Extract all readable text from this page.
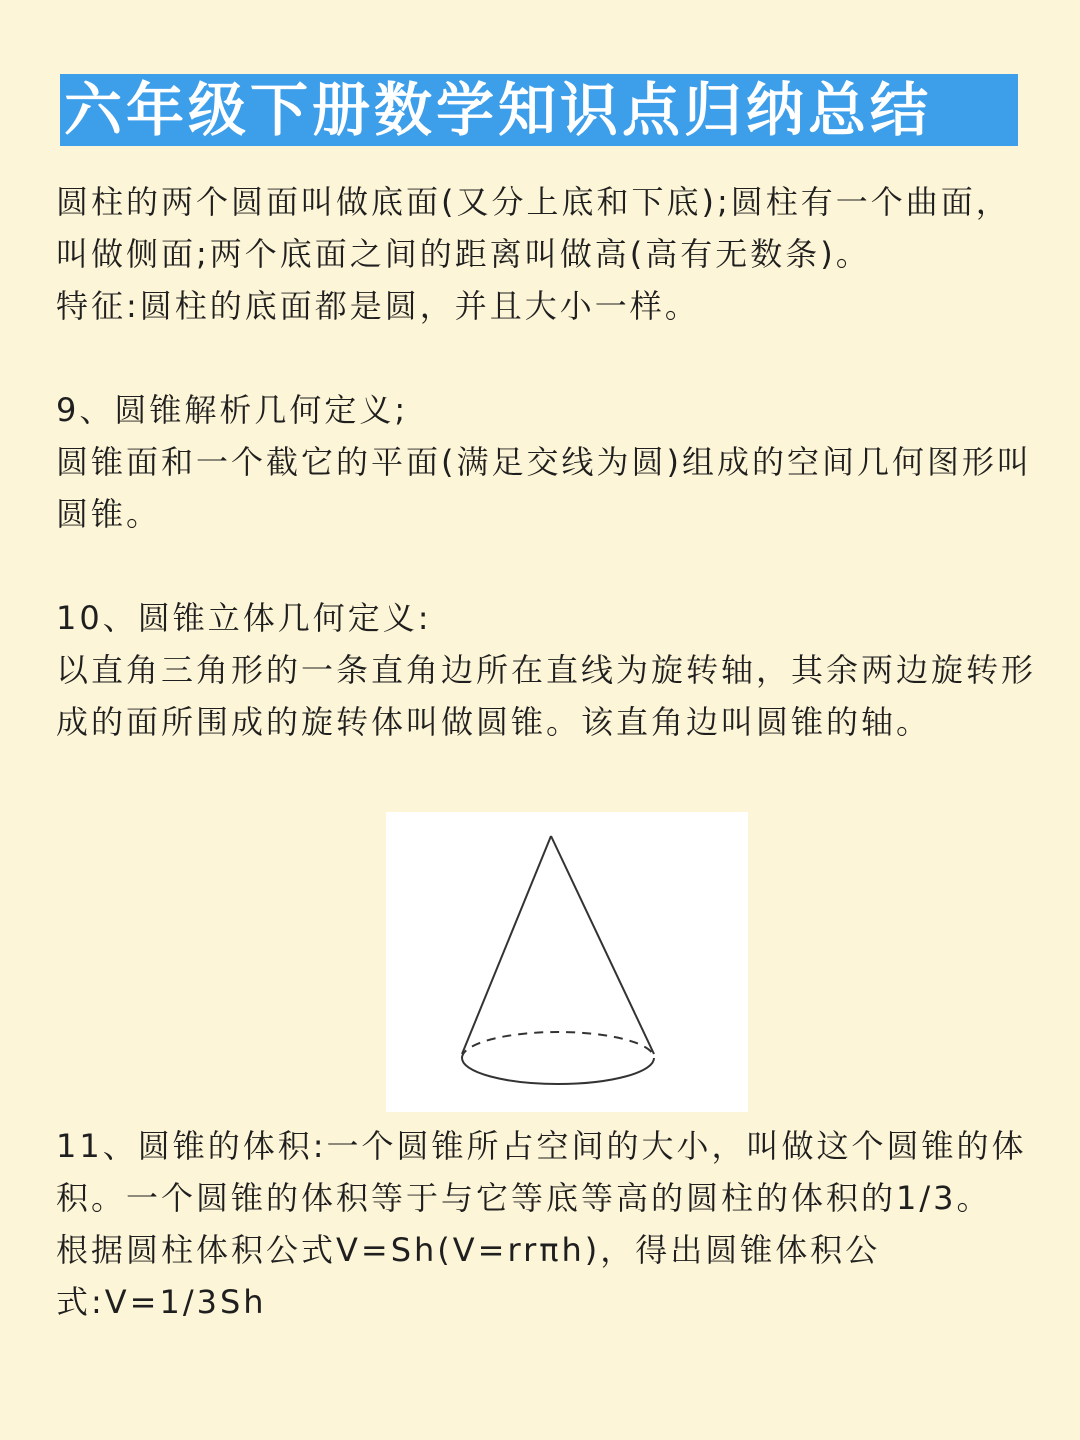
六年级下册数学知识点归纳总结

圆柱的两个圆面叫做底面(又分上底和下底);圆柱有一个曲面，叫做侧面;两个底面之间的距离叫做高(高有无数条)。

特征:圆柱的底面都是圆，并且大小一样。

9、圆锥解析几何定义;

圆锥面和一个截它的平面(满足交线为圆)组成的空间几何图形叫圆锥。

10、圆锥立体几何定义:

以直角三角形的一条直角边所在直线为旋转轴，其余两边旋转形成的面所围成的旋转体叫做圆锥。该直角边叫圆锥的轴。

11、圆锥的体积:一个圆锥所占空间的大小，叫做这个圆锥的体积。一个圆锥的体积等于与它等底等高的圆柱的体积的1/3。

根据圆柱体积公式V=Sh(V=rrπh)，得出圆锥体积公式:V=1/3Sh
